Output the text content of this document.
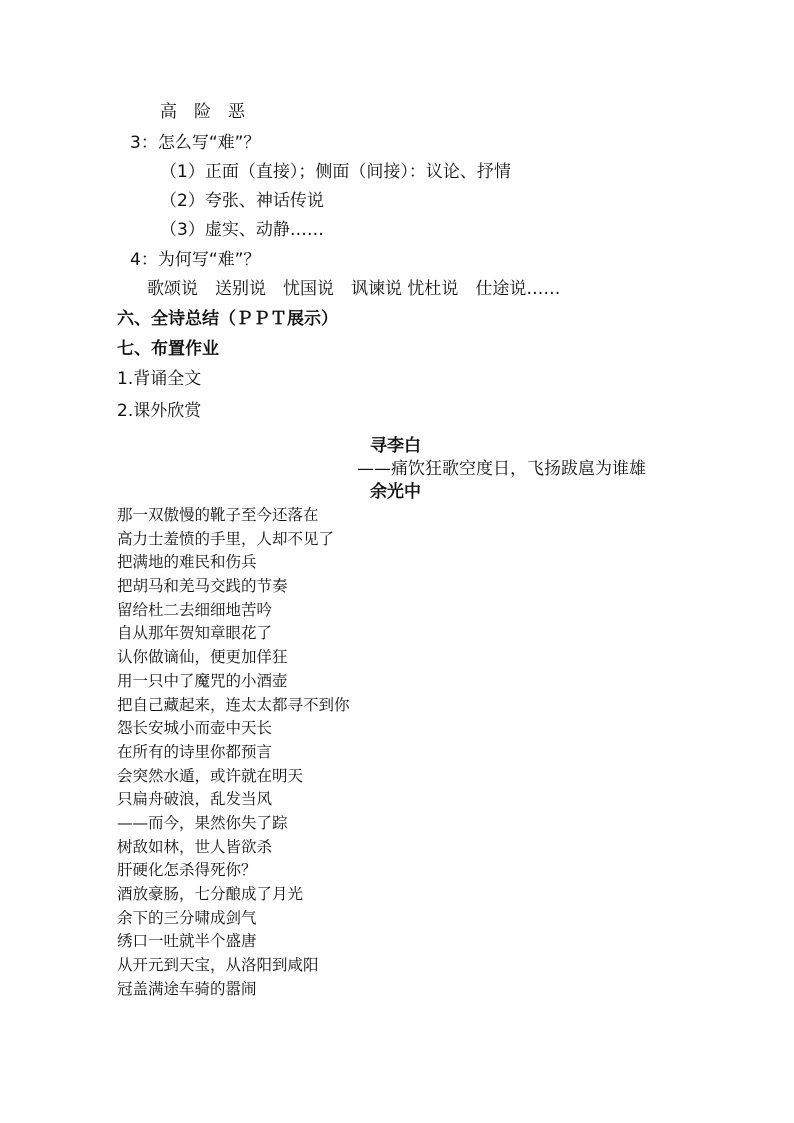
高　险　恶
3：怎么写“难”？
（1）正面（直接）；侧面（间接）：议论、抒情
（2）夸张、神话传说
（3）虚实、动静……
4：为何写“难”？
歌颂说　送别说　忧国说　讽谏说 忧杜说　仕途说……
六、全诗总结（ＰＰＴ展示）
七、布置作业
1.背诵全文
2.课外欣赏
寻李白
——痛饮狂歌空度日，飞扬跋扈为谁雄
余光中
那一双傲慢的靴子至今还落在
高力士羞愤的手里，人却不见了
把满地的难民和伤兵
把胡马和羌马交践的节奏
留给杜二去细细地苦吟
自从那年贺知章眼花了
认你做谪仙，便更加佯狂
用一只中了魔咒的小酒壶
把自己藏起来，连太太都寻不到你
怨长安城小而壶中天长
在所有的诗里你都预言
会突然水遁，或许就在明天
只扁舟破浪，乱发当风
——而今，果然你失了踪
树敌如林，世人皆欲杀
肝硬化怎杀得死你？
酒放豪肠，七分酿成了月光
余下的三分啸成剑气
绣口一吐就半个盛唐
从开元到天宝，从洛阳到咸阳
冠盖满途车骑的嚣闹
